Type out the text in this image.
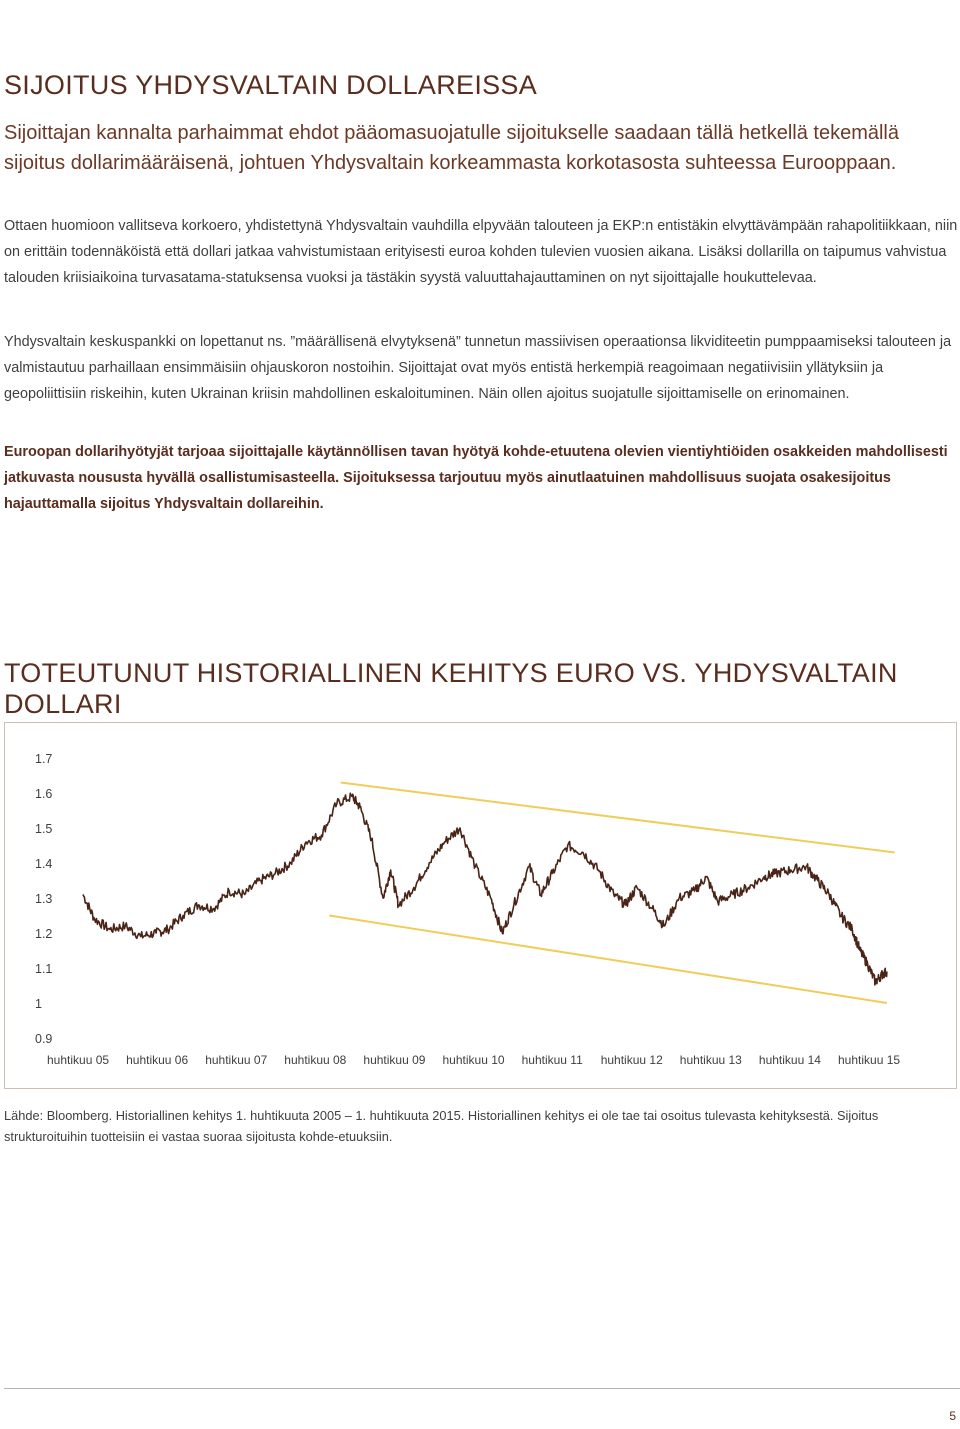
SIJOITUS YHDYSVALTAIN DOLLAREISSA

Sijoittajan kannalta parhaimmat ehdot pääomasuojatulle sijoitukselle saadaan tällä hetkellä tekemällä sijoitus dollarimääräisenä, johtuen Yhdysvaltain korkeammasta korkotasosta suhteessa Eurooppaan.

Ottaen huomioon vallitseva korkoero, yhdistettynä Yhdysvaltain vauhdilla elpyvään talouteen ja EKP:n entistäkin elvyttävämpään rahapolitiikkaan, niin on erittäin todennäköistä että dollari jatkaa vahvistumistaan erityisesti euroa kohden tulevien vuosien aikana. Lisäksi dollarilla on taipumus vahvistua talouden kriisiaikoina turvasatama-statuksensa vuoksi ja tästäkin syystä valuuttahajauttaminen on nyt sijoittajalle houkuttelevaa.

Yhdysvaltain keskuspankki on lopettanut ns. ”määrällisenä elvytyksenä” tunnetun massiivisen operaationsa likviditeetin pumppaamiseksi talouteen ja valmistautuu parhaillaan ensimmäisiin ohjauskoron nostoihin. Sijoittajat ovat myös entistä herkempiä reagoimaan negatiivisiin yllätyksiin ja geopoliittisiin riskeihin, kuten Ukrainan kriisin mahdollinen eskaloituminen. Näin ollen ajoitus suojatulle sijoittamiselle on erinomainen.

Euroopan dollarihyötyjät tarjoaa sijoittajalle käytännöllisen tavan hyötyä kohde-etuutena olevien vientiyhtiöiden osakkeiden mahdollisesti jatkuvasta noususta hyvällä osallistumisasteella. Sijoituksessa tarjoutuu myös ainutlaatuinen mahdollisuus suojata osakesijoitus hajauttamalla sijoitus Yhdysvaltain dollareihin.

TOTEUTUNUT HISTORIALLINEN KEHITYS EURO VS. YHDYSVALTAIN DOLLARI
1.7
1.6
1.5
1.4
1.3
1.2
1.1
1
0.9
huhtikuu 05 huhtikuu 06 huhtikuu 07 huhtikuu 08 huhtikuu 09 huhtikuu 10 huhtikuu 11 huhtikuu 12 huhtikuu 13 huhtikuu 14 huhtikuu 15

Lähde: Bloomberg. Historiallinen kehitys 1. huhtikuuta 2005 – 1. huhtikuuta 2015. Historiallinen kehitys ei ole tae tai osoitus tulevasta kehityksestä. Sijoitus strukturoituihin tuotteisiin ei vastaa suoraa sijoitusta kohde-etuuksiin.

5
